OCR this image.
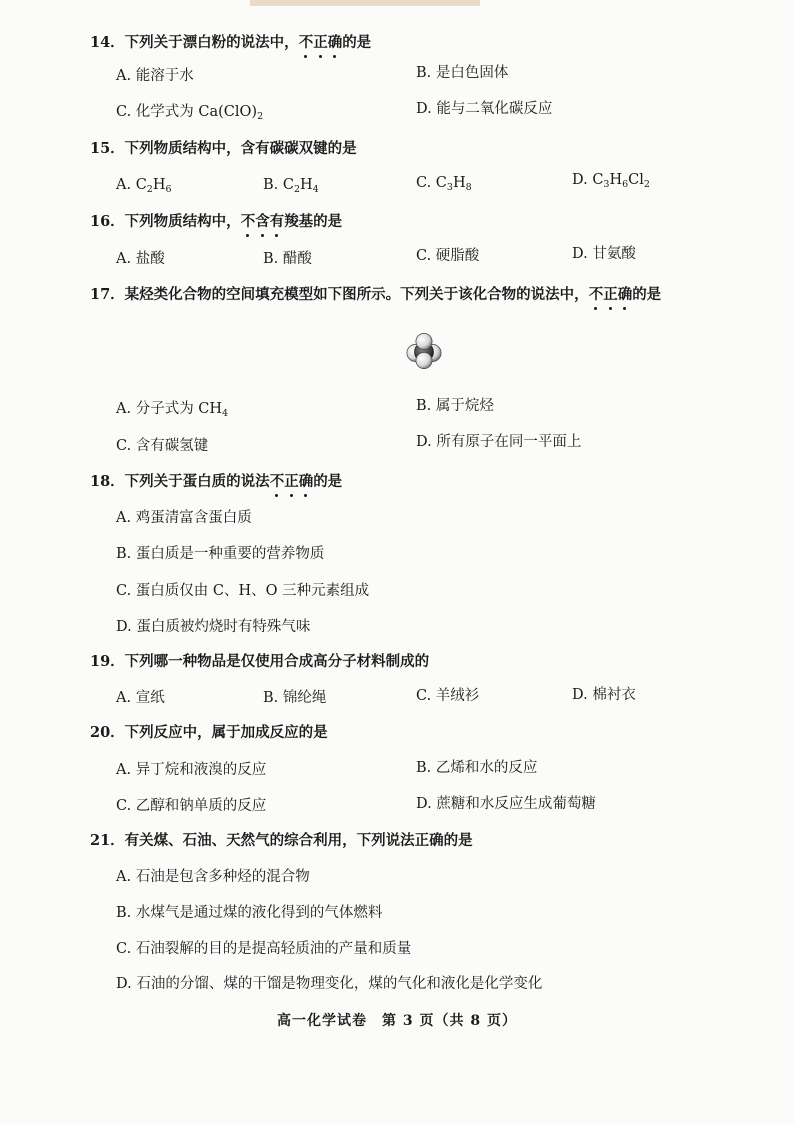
14．下列关于漂白粉的说法中，不正确的是
A. 能溶于水	B. 是白色固体
C. 化学式为 $Ca(ClO)_2$	D. 能与二氧化碳反应
15．下列物质结构中，含有碳碳双键的是
A. $C_2H_6$	B. $C_2H_4$	C. $C_3H_8$	D. $C_3H_6Cl_2$
16．下列物质结构中，不含有羧基的是
A. 盐酸	B. 醋酸	C. 硬脂酸	D. 甘氨酸
17．某烃类化合物的空间填充模型如下图所示。下列关于该化合物的说法中，不正确的是
A. 分子式为 $CH_4$	B. 属于烷烃
C. 含有碳氢键	D. 所有原子在同一平面上
18．下列关于蛋白质的说法不正确的是
A. 鸡蛋清富含蛋白质
B. 蛋白质是一种重要的营养物质
C. 蛋白质仅由 C、H、O 三种元素组成
D. 蛋白质被灼烧时有特殊气味
19．下列哪一种物品是仅使用合成高分子材料制成的
A. 宣纸	B. 锦纶绳	C. 羊绒衫	D. 棉衬衣
20．下列反应中，属于加成反应的是
A. 异丁烷和液溴的反应	B. 乙烯和水的反应
C. 乙醇和钠单质的反应	D. 蔗糖和水反应生成葡萄糖
21．有关煤、石油、天然气的综合利用，下列说法正确的是
A. 石油是包含多种烃的混合物
B. 水煤气是通过煤的液化得到的气体燃料
C. 石油裂解的目的是提高轻质油的产量和质量
D. 石油的分馏、煤的干馏是物理变化，煤的气化和液化是化学变化
高一化学试卷　第 3 页（共 8 页）
